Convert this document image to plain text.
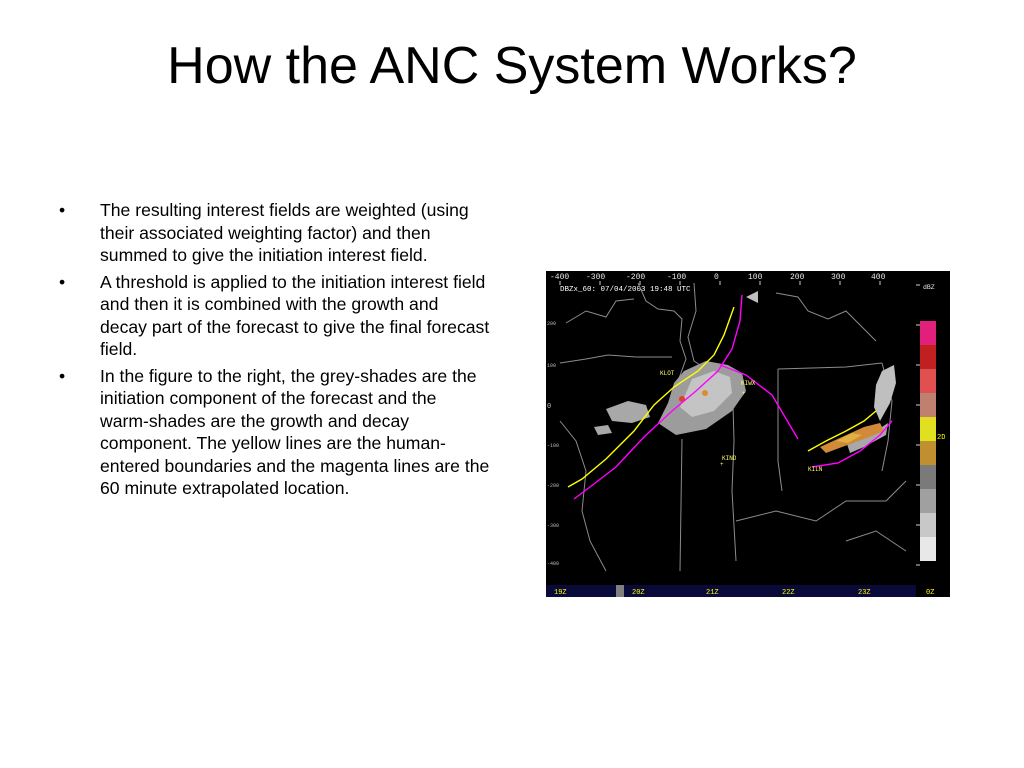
How the ANC System Works?
• The resulting interest fields are weighted (using their associated weighting factor) and then summed to give the initiation interest field.
• A threshold is applied to the initiation interest field and then it is combined with the growth and decay part of the forecast to give the final forecast field.
• In the figure to the right, the grey-shades are the initiation component of the forecast and the warm-shades are the growth and decay component. The yellow lines are the human-entered boundaries and the magenta lines are the 60 minute extrapolated location.
-400 -300	-200	-100	0	100	200	300	400
DBZx_60: 07/04/2003 19:48 UTC
200
100
0
-100
-200
-300
-400
KLOT
KIWX
KIND
KILN
+
+
dBZ
2D
19Z	20Z	21Z	22Z	23Z	0Z
